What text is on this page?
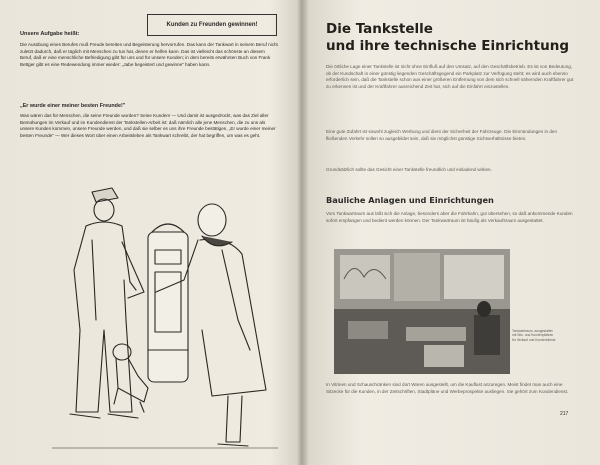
Unsere Aufgabe heißt:
Kunden zu Freunden gewinnen!

Die Ausübung eines Berufes muß Freude bereiten und Begeisterung hervorrufen. Das kann der Tankwart in seinem Beruf nicht zuletzt dadurch, daß er täglich mit Menschen zu tun hat, denen er helfen kann. Das ist vielleicht das schönste an diesem Beruf, daß er eine menschliche Befriedigung gibt für uns und für unsere Kunden; in dem bereits erwähnten Buch von Frank Bettger gibt es eine Redewendung immer wieder: „Jabe begeistert und gewinne" haben kann.

„Er wurde einer meiner besten Freunde!"

Was wären das für Menschen, die seine Freunde wurden? Seine Kunden! — Und damit ist ausgedrückt, was das Ziel aller Bemühungen im Verkauf und im Kundendienst der Tankstellen-Arbeit ist: daß nämlich alle jene Menschen, die zu uns als unsere Kunden kommen, unsere Freunde werden, und daß sie selber es uns ihre Freunde bestätigen, „Er wurde einer meiner besten Freunde" — Wer dieses Wort über einen Arbeitsleben als Tankwart schreibt, der hat begriffen, um was es geht.

Die Tankstelle
und ihre technische Einrichtung

Die örtliche Lage einer Tankstelle ist nicht ohne Einfluß auf den Umsatz, auf den Geschäftsbetrieb. Es ist von Bedeutung, ob der Kundschaft in einer günstig liegenden Geschäftsgegend ein Parkplatz zur Verfügung steht; es wird auch ebenso erforderlich sein, daß die Tankstelle schon aus einer größeren Entfernung von dem sich schnell nähernden Kraftfahrer gut zu erkennen ist und der Kraftfahrer ausreichend Zeit hat, sich auf die Einfahrt einzustellen.

Eine gute Zufahrt ist sowohl zugleich Werbung und dient der Sicherheit der Fahrzeuge. Die Einmündungen in den fließenden Verkehr sollen so ausgebildet sein, daß sie möglichst günstige Sichtverhältnisse bieten.

Grundsätzlich sollte das Gesicht einer Tankstelle freundlich und einladend wirken.

Bauliche Anlagen und Einrichtungen

Vom Tankwartraum aus läßt sich die Anlage, besonders aber die Fahrbahn, gut übersehen, so daß ankommende Kunden sofort empfangen und bedient werden können. Der Tankwartraum ist häufig als Verkaufsraum ausgestattet.

Tankwartraum, ausgestattet mit Sitz- und Kundenplätzen für Verkauf und Kundendienst

In Vitrinen und Schauschränken sind dort Waren ausgestellt, um die Kauflust anzuregen. Meist findet man auch eine Sitzecke für die Kunden, in der Zeitschriften, Stadtpläne und Werbeprospekte ausliegen. Sie gehört zum Kundendienst.

217
